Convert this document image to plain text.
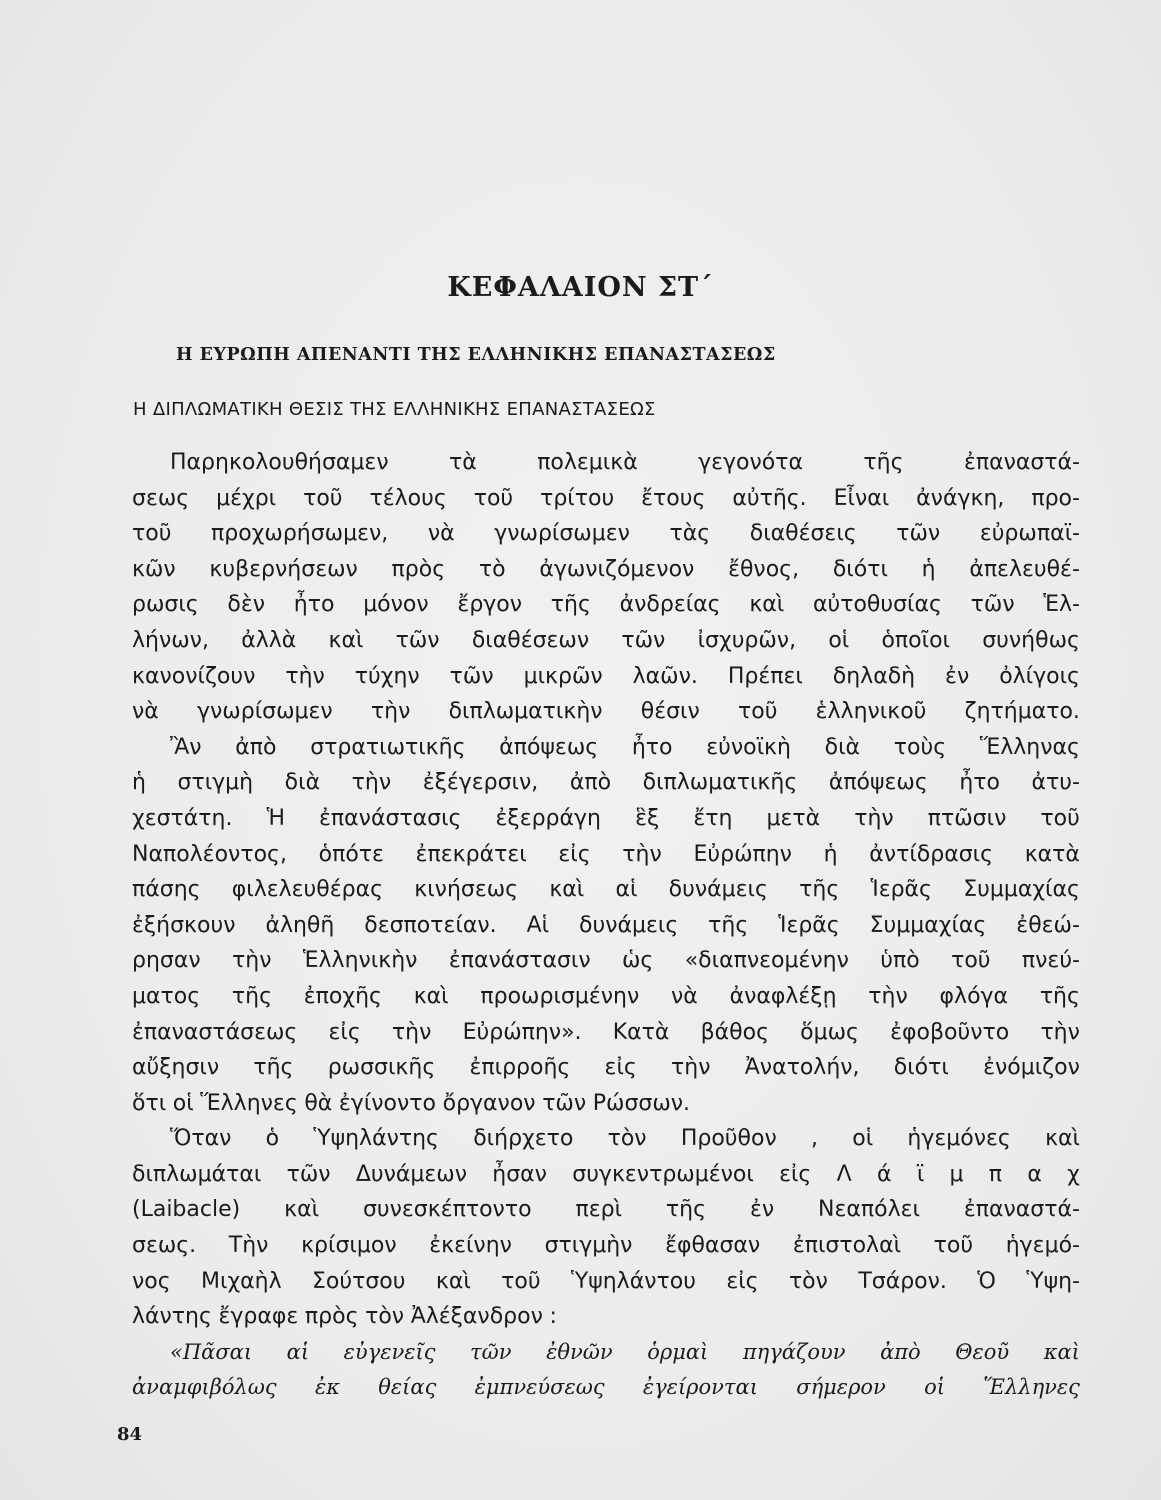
ΚΕΦΑΛΑΙΟΝ ΣΤ΄
Η ΕΥΡΩΠΗ ΑΠΕΝΑΝΤΙ ΤΗΣ ΕΛΛΗΝΙΚΗΣ ΕΠΑΝΑΣΤΑΣΕΩΣ
Η ΔΙΠΛΩΜΑΤΙΚΗ ΘΕΣΙΣ ΤΗΣ ΕΛΛΗΝΙΚΗΣ ΕΠΑΝΑΣΤΑΣΕΩΣ
Παρηκολουθήσαμεν	τὰ	πολεμικὰ	γεγονότα	τῆς	ἐπαναστά-
σεως μέχρι τοῦ τέλους τοῦ τρίτου ἔτους αὐτῆς. Εἶναι ἀνάγκη, προ-
τοῦ προχωρήσωμεν, νὰ γνωρίσωμεν τὰς διαθέσεις τῶν εὐρωπαϊ-
κῶν κυβερνήσεων πρὸς τὸ ἀγωνιζόμενον ἔθνος, διότι ἡ ἀπελευθέ-
ρωσις δὲν ἦτο μόνον ἔργον τῆς ἀνδρείας καὶ αὐτοθυσίας τῶν Ἑλ-
λήνων, ἀλλὰ καὶ τῶν διαθέσεων τῶν ἰσχυρῶν, οἱ ὁποῖοι συνήθως
κανονίζουν τὴν τύχην τῶν μικρῶν λαῶν. Πρέπει δηλαδὴ ἐν ὀλίγοις
νὰ γνωρίσωμεν τὴν διπλωματικὴν θέσιν τοῦ ἑλληνικοῦ ζητήματο.
Ἂν ἀπὸ στρατιωτικῆς ἀπόψεως ἦτο εὐνοϊκὴ διὰ τοὺς Ἕλληνας
ἡ στιγμὴ διὰ τὴν ἐξέγερσιν, ἀπὸ διπλωματικῆς ἀπόψεως ἦτο ἀτυ-
χεστάτη. Ἡ ἐπανάστασις ἐξερράγη ἓξ ἔτη μετὰ τὴν πτῶσιν τοῦ
Ναπολέοντος, ὁπότε ἐπεκράτει εἰς τὴν Εὐρώπην ἡ ἀντίδρασις κατὰ
πάσης φιλελευθέρας κινήσεως καὶ αἱ δυνάμεις τῆς Ἱερᾶς Συμμαχίας
ἐξήσκουν ἀληθῆ δεσποτείαν. Αἱ δυνάμεις τῆς Ἱερᾶς Συμμαχίας ἐθεώ-
ρησαν τὴν Ἑλληνικὴν ἐπανάστασιν ὡς «διαπνεομένην ὑπὸ τοῦ πνεύ-
ματος τῆς ἐποχῆς καὶ προωρισμένην νὰ ἀναφλέξῃ τὴν φλόγα τῆς
ἐπαναστάσεως εἰς τὴν Εὐρώπην». Κατὰ βάθος ὅμως ἐφοβοῦντο τὴν
αὔξησιν τῆς ρωσσικῆς ἐπιρροῆς εἰς τὴν Ἀνατολήν, διότι ἐνόμιζον
ὅτι οἱ Ἕλληνες θὰ ἐγίνοντο ὄργανον τῶν Ρώσσων.
Ὅταν ὁ Ὑψηλάντης διήρχετο τὸν Προῦθον , οἱ ἡγεμόνες καὶ
διπλωμάται τῶν Δυνάμεων ἦσαν συγκεντρωμένοι εἰς Λ ά ϊ μ π α χ
(Laibacle) καὶ συνεσκέπτοντο περὶ τῆς ἐν Νεαπόλει ἐπαναστά-
σεως. Τὴν κρίσιμον ἐκείνην στιγμὴν ἔφθασαν ἐπιστολαὶ τοῦ ἡγεμό-
νος Μιχαὴλ Σούτσου καὶ τοῦ Ὑψηλάντου εἰς τὸν Τσάρον. Ὁ Ὑψη-
λάντης ἔγραφε πρὸς τὸν Ἀλέξανδρον :
«Πᾶσαι αἱ εὐγενεῖς τῶν ἐθνῶν ὁρμαὶ πηγάζουν ἀπὸ Θεοῦ καὶ
ἀναμφιβόλως ἐκ θείας ἐμπνεύσεως ἐγείρονται σήμερον οἱ Ἕλληνες
84
